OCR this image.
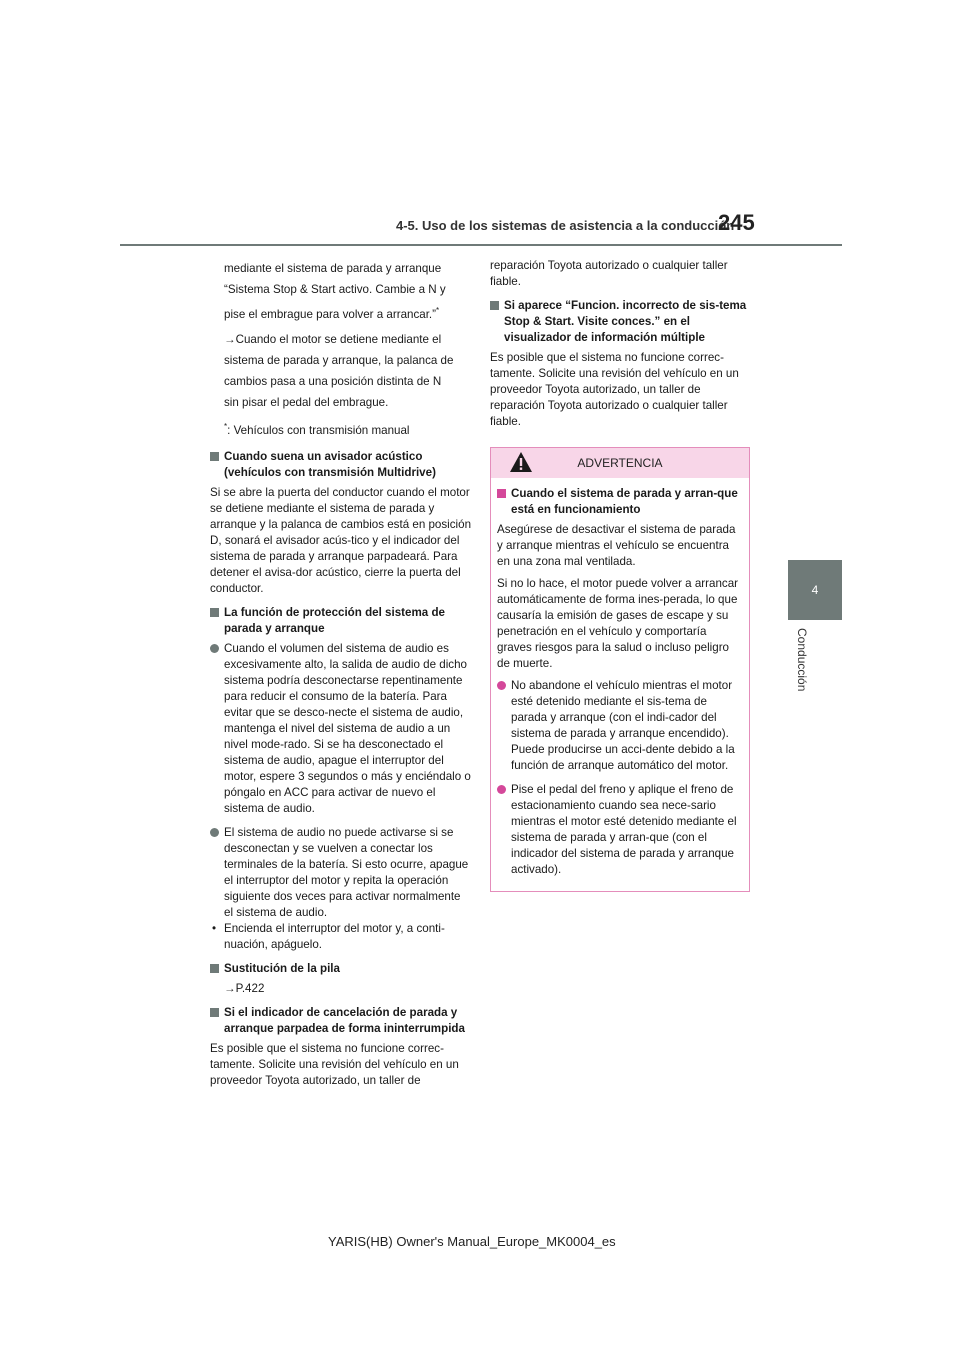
4-5. Uso de los sistemas de asistencia a la conducción
245
4
Conducción
mediante el sistema de parada y arranque
“Sistema Stop & Start activo. Cambie a N y
pise el embrague para volver a arrancar.”*
→Cuando el motor se detiene mediante el
sistema de parada y arranque, la palanca de
cambios pasa a una posición distinta de N
sin pisar el pedal del embrague.
*: Vehículos con transmisión manual
Cuando suena un avisador acústico (vehículos con transmisión Multidrive)
Si se abre la puerta del conductor cuando el motor se detiene mediante el sistema de parada y arranque y la palanca de cambios está en posición D, sonará el avisador acús-tico y el indicador del sistema de parada y arranque parpadeará. Para detener el avisa-dor acústico, cierre la puerta del conductor.
La función de protección del sistema de parada y arranque
Cuando el volumen del sistema de audio es excesivamente alto, la salida de audio de dicho sistema podría desconectarse repentinamente para reducir el consumo de la batería. Para evitar que se desco-necte el sistema de audio, mantenga el nivel del sistema de audio a un nivel mode-rado. Si se ha desconectado el sistema de audio, apague el interruptor del motor, espere 3 segundos o más y enciéndalo o póngalo en ACC para activar de nuevo el sistema de audio.
El sistema de audio no puede activarse si se desconectan y se vuelven a conectar los terminales de la batería. Si esto ocurre, apague el interruptor del motor y repita la operación siguiente dos veces para activar normalmente el sistema de audio.
• Encienda el interruptor del motor y, a conti-nuación, apáguelo.
Sustitución de la pila
→P.422
Si el indicador de cancelación de parada y arranque parpadea de forma ininterrumpida
Es posible que el sistema no funcione correc-tamente. Solicite una revisión del vehículo en un proveedor Toyota autorizado, un taller de
reparación Toyota autorizado o cualquier taller fiable.
Si aparece “Funcion. incorrecto de sis-tema Stop & Start. Visite conces.” en el visualizador de información múltiple
Es posible que el sistema no funcione correc-tamente. Solicite una revisión del vehículo en un proveedor Toyota autorizado, un taller de reparación Toyota autorizado o cualquier taller fiable.
ADVERTENCIA
Cuando el sistema de parada y arran-que está en funcionamiento
Asegúrese de desactivar el sistema de parada y arranque mientras el vehículo se encuentra en una zona mal ventilada.
Si no lo hace, el motor puede volver a arrancar automáticamente de forma ines-perada, lo que causaría la emisión de gases de escape y su penetración en el vehículo y comportaría graves riesgos para la salud o incluso peligro de muerte.
No abandone el vehículo mientras el motor esté detenido mediante el sis-tema de parada y arranque (con el indi-cador del sistema de parada y arranque encendido). Puede producirse un acci-dente debido a la función de arranque automático del motor.
Pise el pedal del freno y aplique el freno de estacionamiento cuando sea nece-sario mientras el motor esté detenido mediante el sistema de parada y arran-que (con el indicador del sistema de parada y arranque activado).
YARIS(HB) Owner's Manual_Europe_MK0004_es
